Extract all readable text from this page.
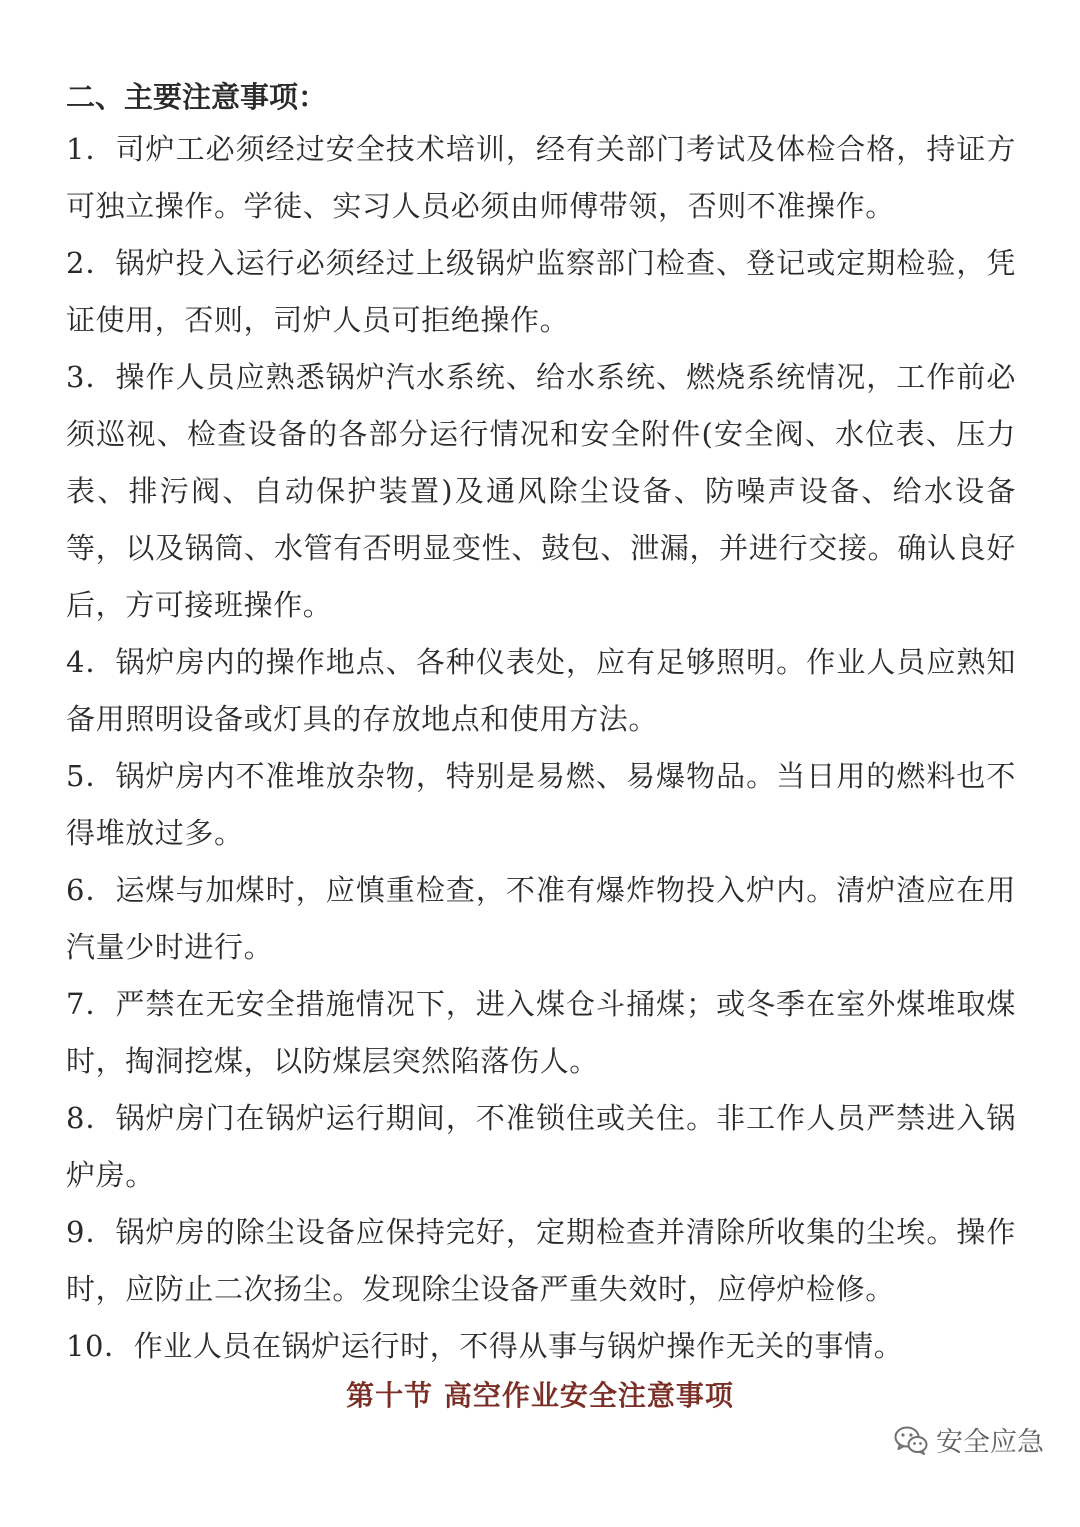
二、主要注意事项：

1．司炉工必须经过安全技术培训，经有关部门考试及体检合格，持证方可独立操作。学徒、实习人员必须由师傅带领，否则不准操作。

2．锅炉投入运行必须经过上级锅炉监察部门检查、登记或定期检验，凭证使用，否则，司炉人员可拒绝操作。

3．操作人员应熟悉锅炉汽水系统、给水系统、燃烧系统情况，工作前必须巡视、检查设备的各部分运行情况和安全附件(安全阀、水位表、压力表、排污阀、自动保护装置)及通风除尘设备、防噪声设备、给水设备等，以及锅筒、水管有否明显变性、鼓包、泄漏，并进行交接。确认良好后，方可接班操作。

4．锅炉房内的操作地点、各种仪表处，应有足够照明。作业人员应熟知备用照明设备或灯具的存放地点和使用方法。

5．锅炉房内不准堆放杂物，特别是易燃、易爆物品。当日用的燃料也不得堆放过多。

6．运煤与加煤时，应慎重检查，不准有爆炸物投入炉内。清炉渣应在用汽量少时进行。

7．严禁在无安全措施情况下，进入煤仓斗捅煤；或冬季在室外煤堆取煤时，掏洞挖煤，以防煤层突然陷落伤人。

8．锅炉房门在锅炉运行期间，不准锁住或关住。非工作人员严禁进入锅炉房。

9．锅炉房的除尘设备应保持完好，定期检查并清除所收集的尘埃。操作时，应防止二次扬尘。发现除尘设备严重失效时，应停炉检修。

10．作业人员在锅炉运行时，不得从事与锅炉操作无关的事情。

第十节 高空作业安全注意事项
安全应急
